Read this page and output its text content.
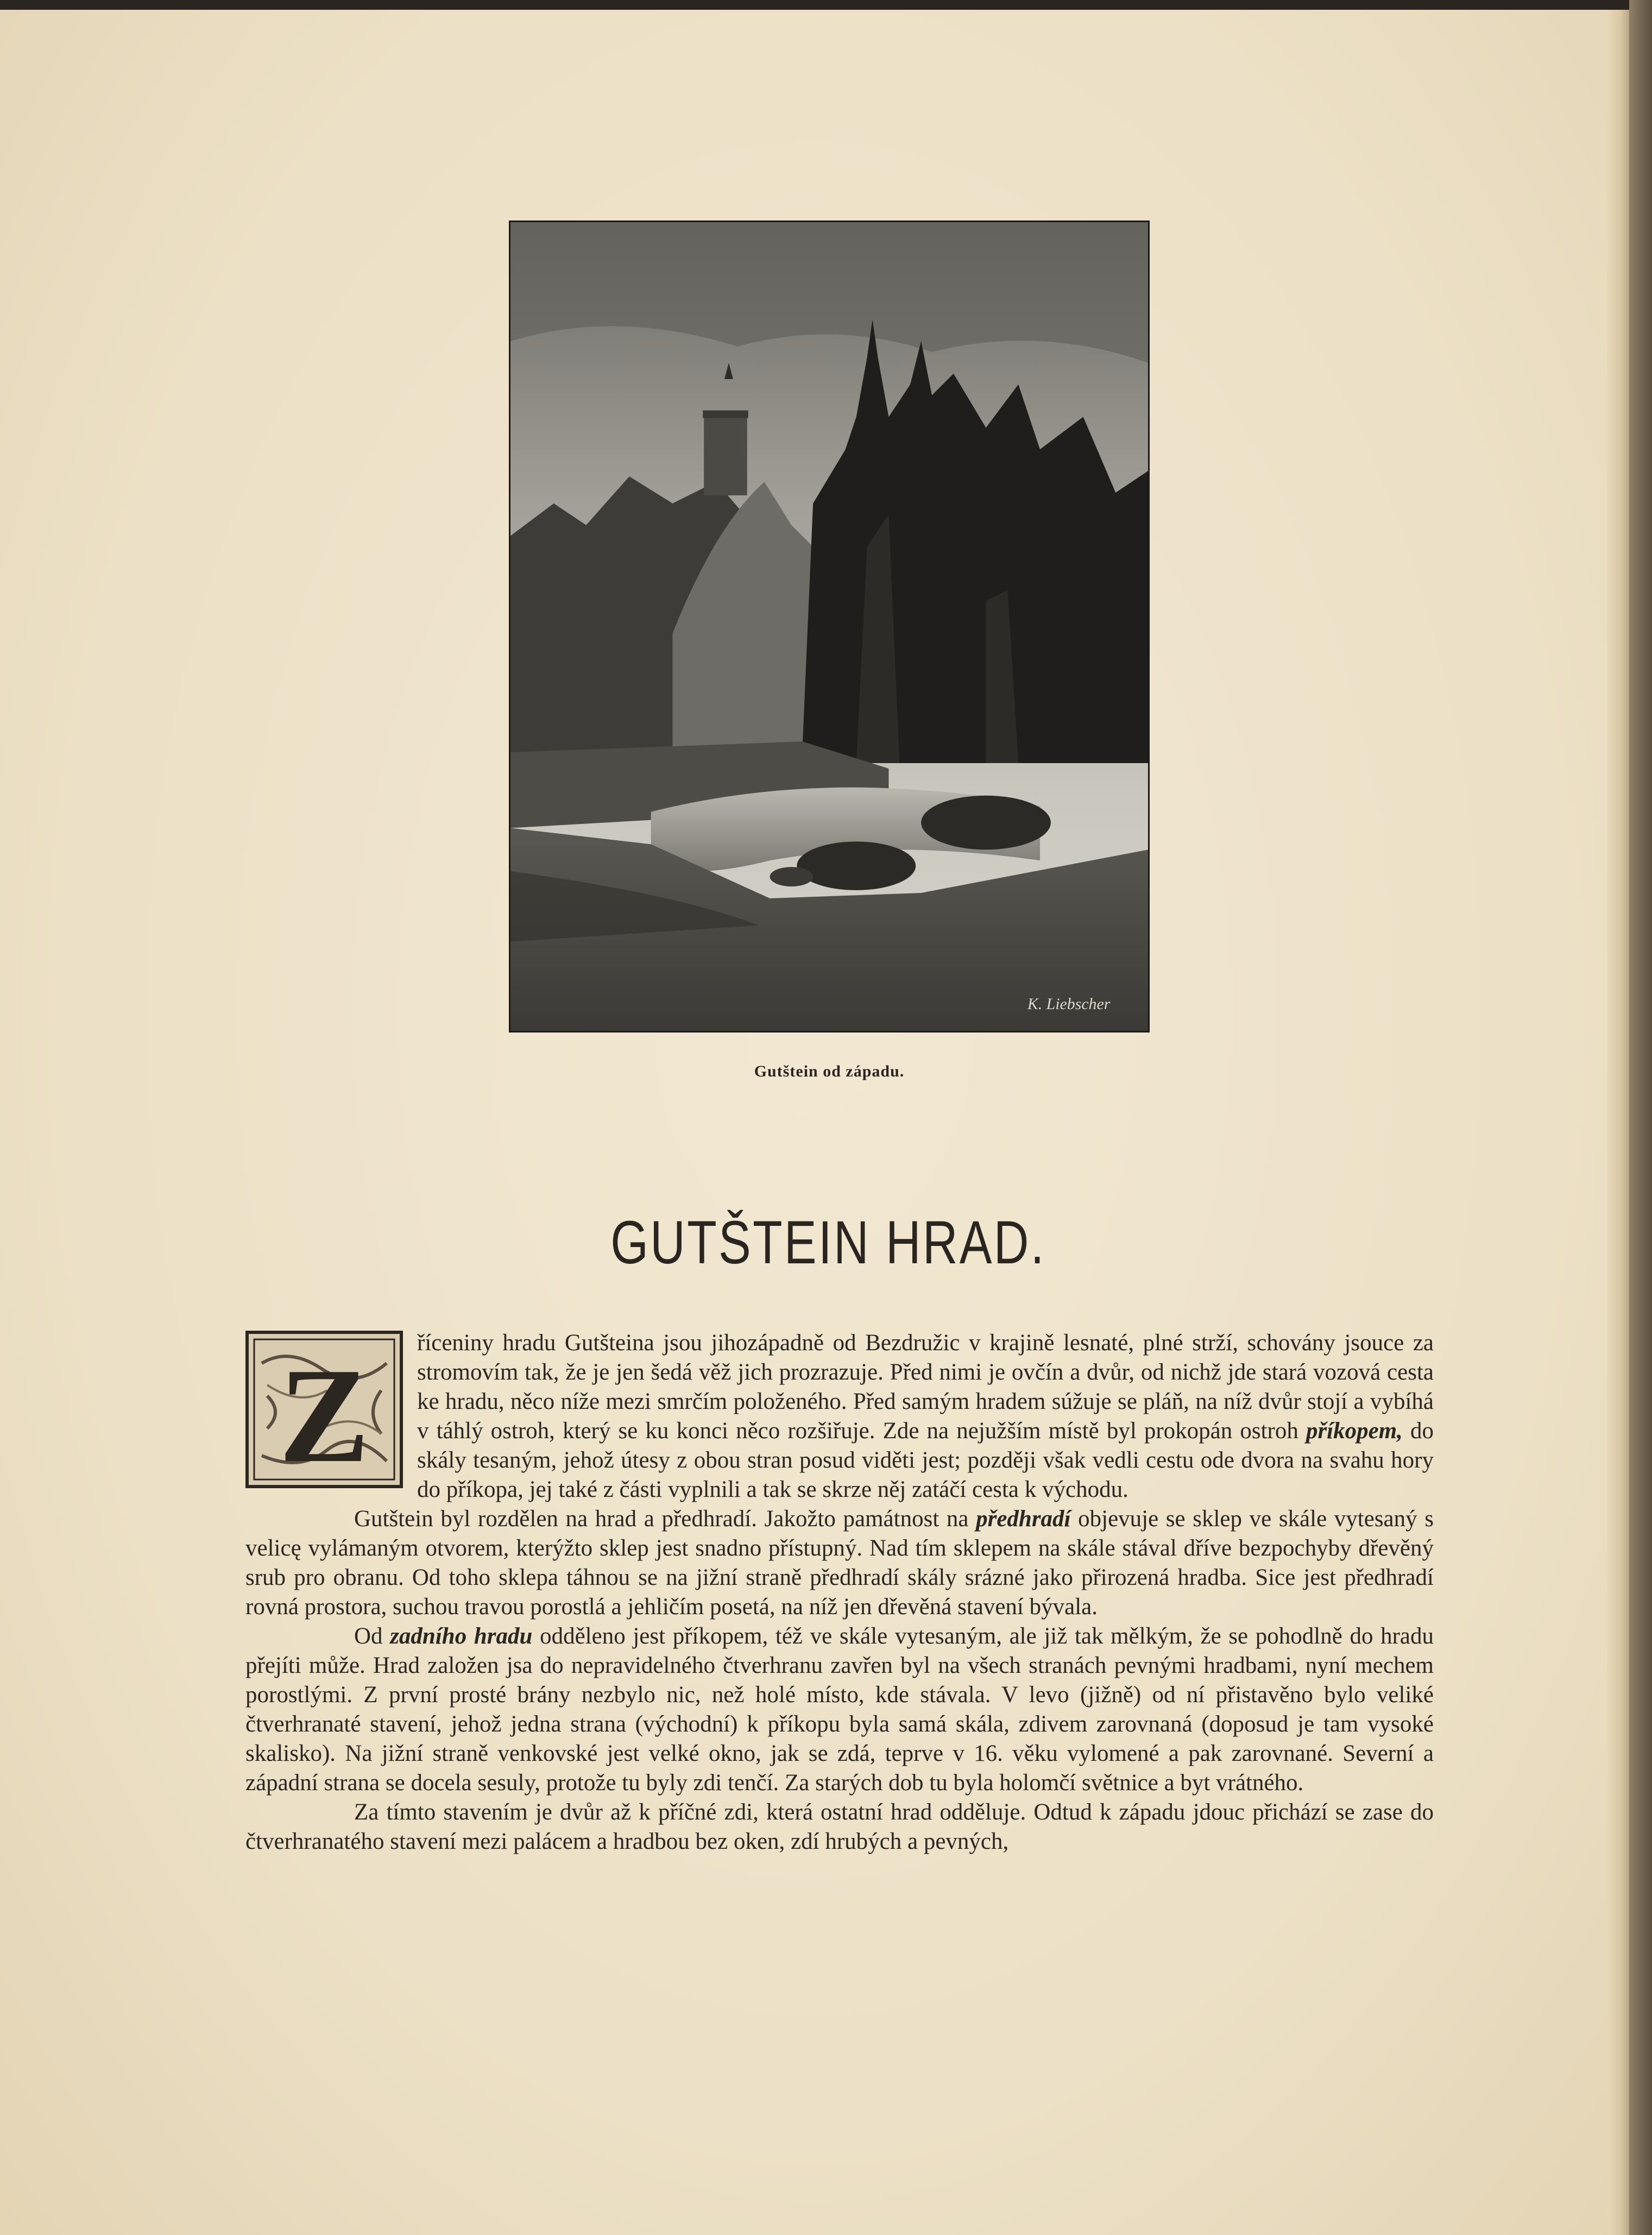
K. Liebscher
Gutštein od západu.
GUTŠTEIN HRAD.
Z	říceniny hradu Gutšteina jsou jihozápadně od Bezdružic v krajině lesnaté, plné strží, schovány jsouce za stromovím tak, že je jen šedá věž jich prozrazuje. Před nimi je ovčín a dvůr, od nichž jde stará vozová cesta ke hradu, něco níže mezi smrčím položeného. Před samým hradem súžuje se pláň, na níž dvůr stojí a vybíhá v táhlý ostroh, který se ku konci něco rozšiřuje. Zde na nejužším místě byl prokopán ostroh příkopem, do skály tesaným, jehož útesy z obou stran posud viděti jest; později však vedli cestu ode dvora na svahu hory do příkopa, jej také z části vyplnili a tak se skrze něj zatáčí cesta k východu.

Gutštein byl rozdělen na hrad a předhradí. Jakožto památnost na předhradí objevuje se sklep ve skále vytesaný s velicę vylámaným otvorem, kterýžto sklep jest snadno přístupný. Nad tím sklepem na skále stával dříve bezpochyby dřevěný srub pro obranu. Od toho sklepa táhnou se na jižní straně předhradí skály srázné jako přirozená hradba. Sice jest předhradí rovná prostora, suchou travou porostlá a jehličím posetá, na níž jen dřevěná stavení bývala.

Od zadního hradu odděleno jest příkopem, též ve skále vytesaným, ale již tak mělkým, že se pohodlně do hradu přejíti může. Hrad založen jsa do nepravidelného čtverhranu zavřen byl na všech stranách pevnými hradbami, nyní mechem porostlými. Z první prosté brány nezbylo nic, než holé místo, kde stávala. V levo (jižně) od ní přistavěno bylo veliké čtverhranaté stavení, jehož jedna strana (východní) k příkopu byla samá skála, zdivem zarovnaná (doposud je tam vysoké skalisko). Na jižní straně venkovské jest velké okno, jak se zdá, teprve v 16. věku vylomené a pak zarovnané. Severní a západní strana se docela sesuly, protože tu byly zdi tenčí. Za starých dob tu byla holomčí světnice a byt vrátného.

Za tímto stavením je dvůr až k příčné zdi, která ostatní hrad odděluje. Odtud k západu jdouc přichází se zase do čtverhranatého stavení mezi palácem a hradbou bez oken, zdí hrubých a pevných,
